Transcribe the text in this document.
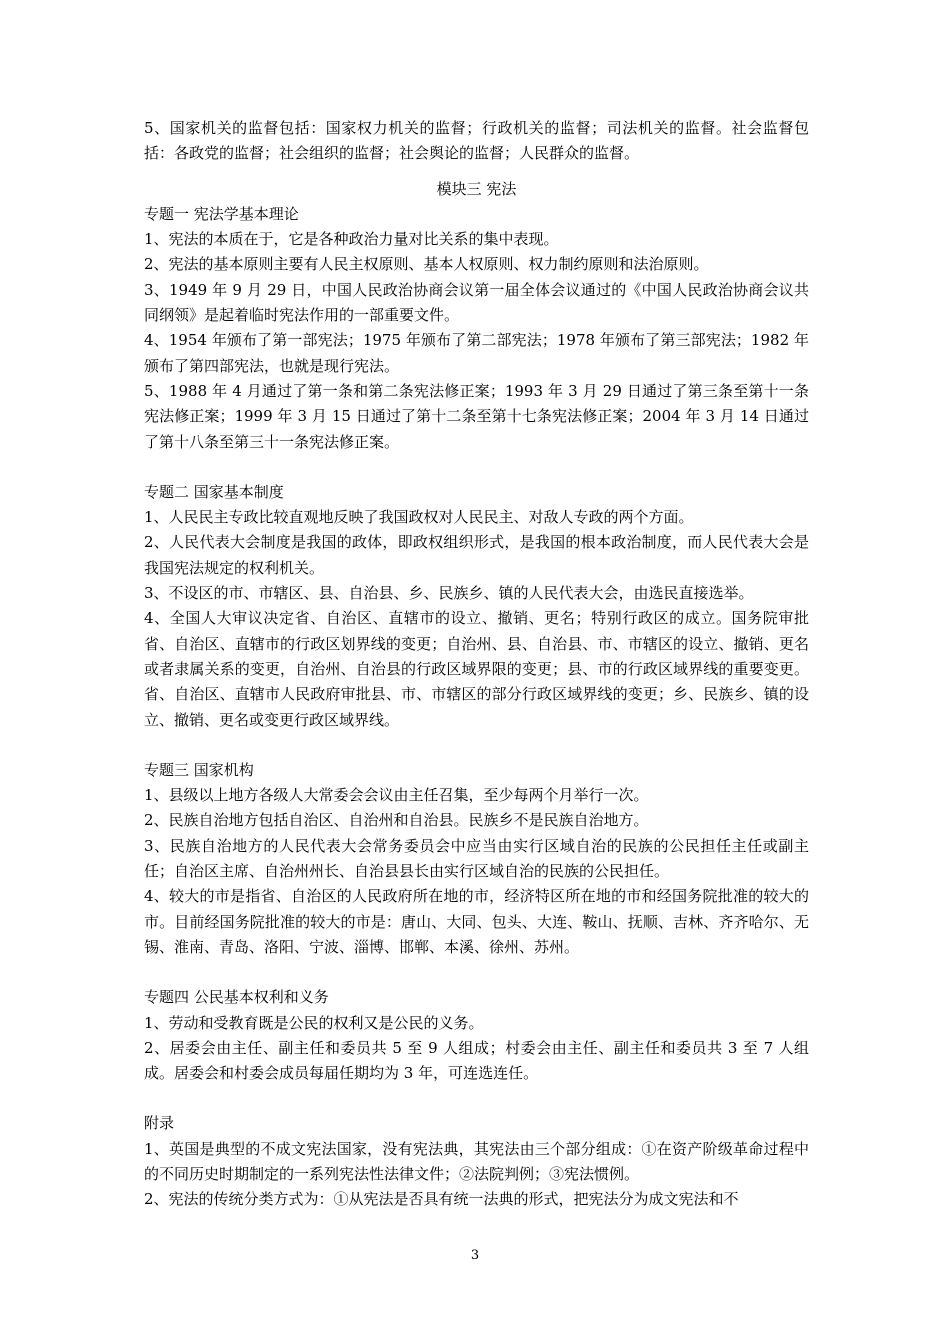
5、国家机关的监督包括：国家权力机关的监督；行政机关的监督；司法机关的监督。社会监督包括：各政党的监督；社会组织的监督；社会舆论的监督；人民群众的监督。

模块三 宪法

专题一 宪法学基本理论

1、宪法的本质在于，它是各种政治力量对比关系的集中表现。

2、宪法的基本原则主要有人民主权原则、基本人权原则、权力制约原则和法治原则。

3、1949 年 9 月 29 日，中国人民政治协商会议第一届全体会议通过的《中国人民政治协商会议共同纲领》是起着临时宪法作用的一部重要文件。

4、1954 年颁布了第一部宪法；1975 年颁布了第二部宪法；1978 年颁布了第三部宪法；1982 年颁布了第四部宪法，也就是现行宪法。

5、1988 年 4 月通过了第一条和第二条宪法修正案；1993 年 3 月 29 日通过了第三条至第十一条宪法修正案；1999 年 3 月 15 日通过了第十二条至第十七条宪法修正案；2004 年 3 月 14 日通过了第十八条至第三十一条宪法修正案。

专题二 国家基本制度

1、人民民主专政比较直观地反映了我国政权对人民民主、对敌人专政的两个方面。

2、人民代表大会制度是我国的政体，即政权组织形式，是我国的根本政治制度，而人民代表大会是我国宪法规定的权利机关。

3、不设区的市、市辖区、县、自治县、乡、民族乡、镇的人民代表大会，由选民直接选举。

4、全国人大审议决定省、自治区、直辖市的设立、撤销、更名；特别行政区的成立。国务院审批省、自治区、直辖市的行政区划界线的变更；自治州、县、自治县、市、市辖区的设立、撤销、更名或者隶属关系的变更，自治州、自治县的行政区域界限的变更；县、市的行政区域界线的重要变更。省、自治区、直辖市人民政府审批县、市、市辖区的部分行政区域界线的变更；乡、民族乡、镇的设立、撤销、更名或变更行政区域界线。

专题三 国家机构

1、县级以上地方各级人大常委会会议由主任召集，至少每两个月举行一次。

2、民族自治地方包括自治区、自治州和自治县。民族乡不是民族自治地方。

3、民族自治地方的人民代表大会常务委员会中应当由实行区域自治的民族的公民担任主任或副主任；自治区主席、自治州州长、自治县县长由实行区域自治的民族的公民担任。

4、较大的市是指省、自治区的人民政府所在地的市，经济特区所在地的市和经国务院批准的较大的市。目前经国务院批准的较大的市是：唐山、大同、包头、大连、鞍山、抚顺、吉林、齐齐哈尔、无锡、淮南、青岛、洛阳、宁波、淄博、邯郸、本溪、徐州、苏州。

专题四 公民基本权利和义务

1、劳动和受教育既是公民的权利又是公民的义务。

2、居委会由主任、副主任和委员共 5 至 9 人组成；村委会由主任、副主任和委员共 3 至 7 人组成。居委会和村委会成员每届任期均为 3 年，可连选连任。

附录

1、英国是典型的不成文宪法国家，没有宪法典，其宪法由三个部分组成：①在资产阶级革命过程中的不同历史时期制定的一系列宪法性法律文件；②法院判例；③宪法惯例。

2、宪法的传统分类方式为：①从宪法是否具有统一法典的形式，把宪法分为成文宪法和不

3
